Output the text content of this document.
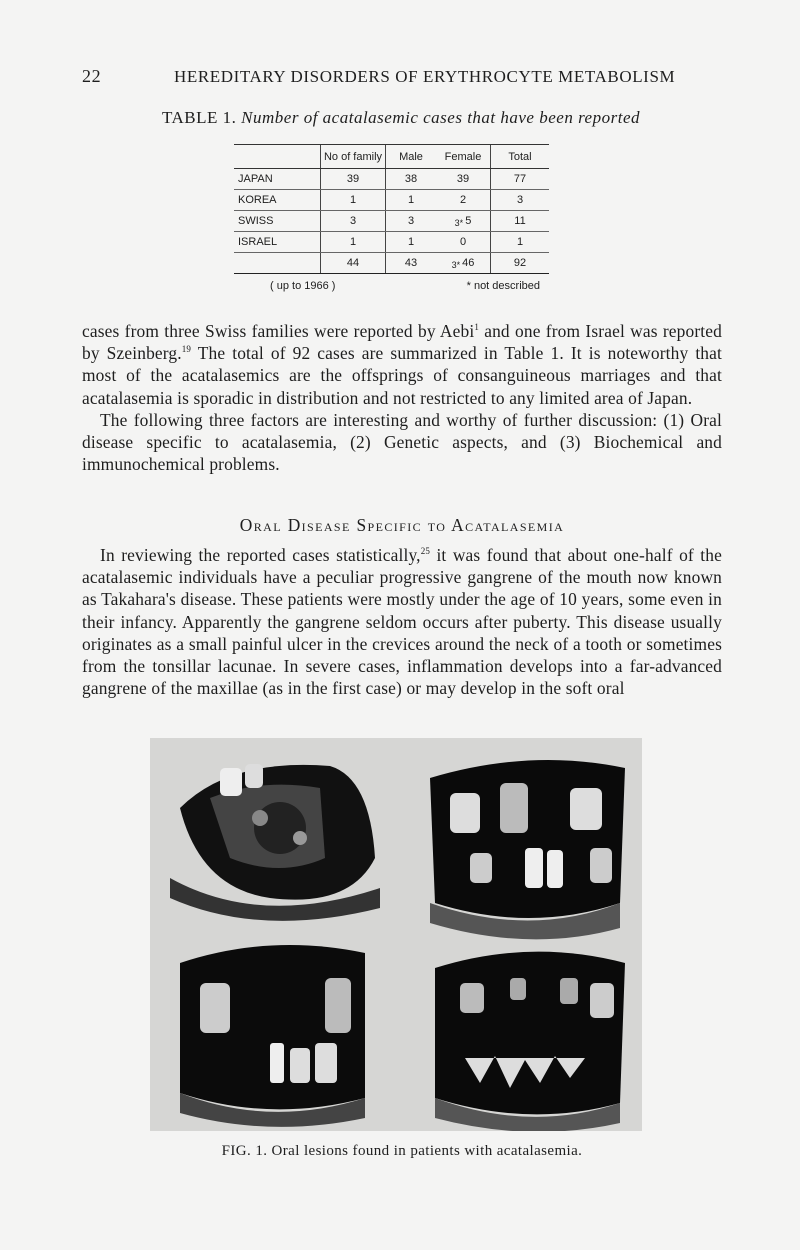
22	HEREDITARY DISORDERS OF ERYTHROCYTE METABOLISM
TABLE 1. Number of acatalasemic cases that have been reported
	No of family	Male	Female	Total
JAPAN	39	38	39	77
KOREA	1	1	2	3
SWISS	3	3	3* 5	11
ISRAEL	1	1	0	1
	44	43	3* 46	92
( up to 1966 )	* not described

cases from three Swiss families were reported by Aebi$^1$ and one from Israel was reported by Szeinberg.$^{19}$ The total of 92 cases are summarized in Table 1. It is noteworthy that most of the acatalasemics are the offsprings of consanguineous marriages and that acatalasemia is sporadic in distribution and not restricted to any limited area of Japan.

The following three factors are interesting and worthy of further discussion: (1) Oral disease specific to acatalasemia, (2) Genetic aspects, and (3) Biochemical and immunochemical problems.

Oral Disease Specific to Acatalasemia

In reviewing the reported cases statistically,$^{25}$ it was found that about one-half of the acatalasemic individuals have a peculiar progressive gangrene of the mouth now known as Takahara's disease. These patients were mostly under the age of 10 years, some even in their infancy. Apparently the gangrene seldom occurs after puberty. This disease usually originates as a small painful ulcer in the crevices around the neck of a tooth or sometimes from the tonsillar lacunae. In severe cases, inflammation develops into a far-advanced gangrene of the maxillae (as in the first case) or may develop in the soft oral

FIG. 1. Oral lesions found in patients with acatalasemia.
